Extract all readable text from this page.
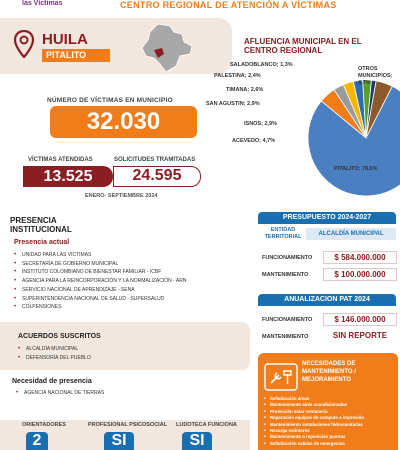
las Víctimas	CENTRO REGIONAL DE ATENCIÓN A VÍCTIMAS
HUILA
PITALITO
NÚMERO DE VÍCTIMAS EN MUNICIPIO
32.030
VÍCTIMAS ATENDIDAS	SOLICITUDES TRAMITADAS
13.525	24.595
ENERO- SEPTIEMBRE 2024
AFLUENCIA MUNICIPAL EN EL CENTRO REGIONAL
PITALITO; 78,5%
ACEVEDO; 4,7%
ISNOS; 2,9%
SAN AGUSTIN; 2,9%
TIMANA; 2,6%
PALESTINA; 2,4%
SALADOBLANCO; 1,3%
OTROS MUNICIPIOS; 4,7%
PRESENCIA
INSTITUCIONAL
Presencia actual
• UNIDAD PARA LAS VÍCTIMAS
• SECRETARÍA DE GOBIERNO MUNICIPAL
• INSTITUTO COLOMBIANO DE BIENESTAR FAMILIAR - ICBF
• AGENCIA PARA LA REINCORPORACIÓN Y LA NORMALIZACIÓN - ARN
• SERVICIO NACIONAL DE APRENDIZAJE - SENA
• SUPERINTENDENCIA NACIONAL DE SALUD - SUPERSALUD
• COLPENSIONES
ACUERDOS SUSCRITOS
• ALCALDÍA MUNICIPAL
• DEFENSORÍA DEL PUEBLO
Necesidad de presencia
• AGENCIA NACIONAL DE TIERRAS
ORIENTADORES	PROFESIONAL PSICOSOCIAL LUDOTECA FUNCIONA
2	SI	SI
PRESUPUESTO 2024-2027
ENTIDAD TERRITORIAL	ALCALDÍA MUNICIPAL
FUNCIONAMIENTO	$ 584.000.000
MANTENIMIENTO	$ 100.000.000
ANUALIZACION PAT 2024
FUNCIONAMIENTO	$ 146.000.000
MANTENIMIENTO	SIN REPORTE
NECESIDADES DE MANTENIMIENTO / MEJORAMIENTO
• Señalización áreas
• Mantenimiento aires acondicionados
• Protección solar ventanería
• Reparación equipos de computo e impresión
• Mantenimiento instalaciones hidrosanitarias
• Recarga extintores
• Mantenimiento o reposición puertas
• Señalización salidas de emergencia
